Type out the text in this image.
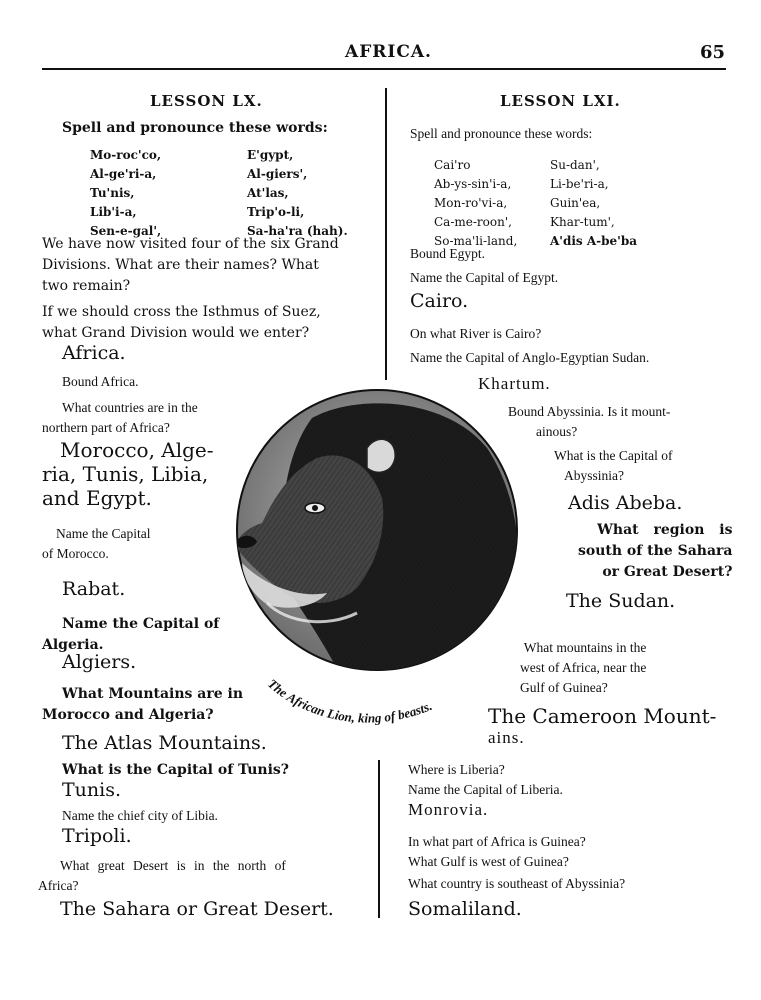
AFRICA.	65
LESSON LX.
Spell and pronounce these words:
Mo-roc'co,
Al-ge'ri-a,
Tu'nis,
Lib'i-a,
Sen-e-gal',
E'gypt,
Al-giers',
At'las,
Trip'o-li,
Sa-ha'ra (hah).
We have now visited four of the six Grand
Divisions. What are their names? What
two remain?
If we should cross the Isthmus of Suez,
what Grand Division would we enter?
Africa.
Bound Africa.
What countries are in the
northern part of Africa?
Morocco, Alge-
ria, Tunis, Libia,
and Egypt.
Name the Capital
of Morocco.
Rabat.
Name the Capital of
Algeria.
Algiers.
What Mountains are in
Morocco and Algeria?
The Atlas Mountains.
What is the Capital of Tunis?
Tunis.
Name the chief city of Libia.
Tripoli.
What great Desert is in the north of
Africa?
The Sahara or Great Desert.
LESSON LXI.
Spell and pronounce these words:
Cai'ro
Ab-ys-sin'i-a,
Mon-ro'vi-a,
Ca-me-roon',
So-ma'li-land,
Su-dan',
Li-be'ri-a,
Guin'ea,
Khar-tum',
A'dis A-be'ba
Bound Egypt.
Name the Capital of Egypt.
Cairo.
On what River is Cairo?
Name the Capital of Anglo-Egyptian Sudan.
Khartum.
Bound Abyssinia. Is it mount-
ainous?
What is the Capital of
Abyssinia?
Adis Abeba.
What region is
south of the Sahara
or Great Desert?
The Sudan.
What mountains in the
west of Africa, near the
Gulf of Guinea?
The Cameroon Mount-
ains.
Where is Liberia?
Name the Capital of Liberia.
Monrovia.
In what part of Africa is Guinea?
What Gulf is west of Guinea?
What country is southeast of Abyssinia?
Somaliland.
The African Lion, king of beasts.
